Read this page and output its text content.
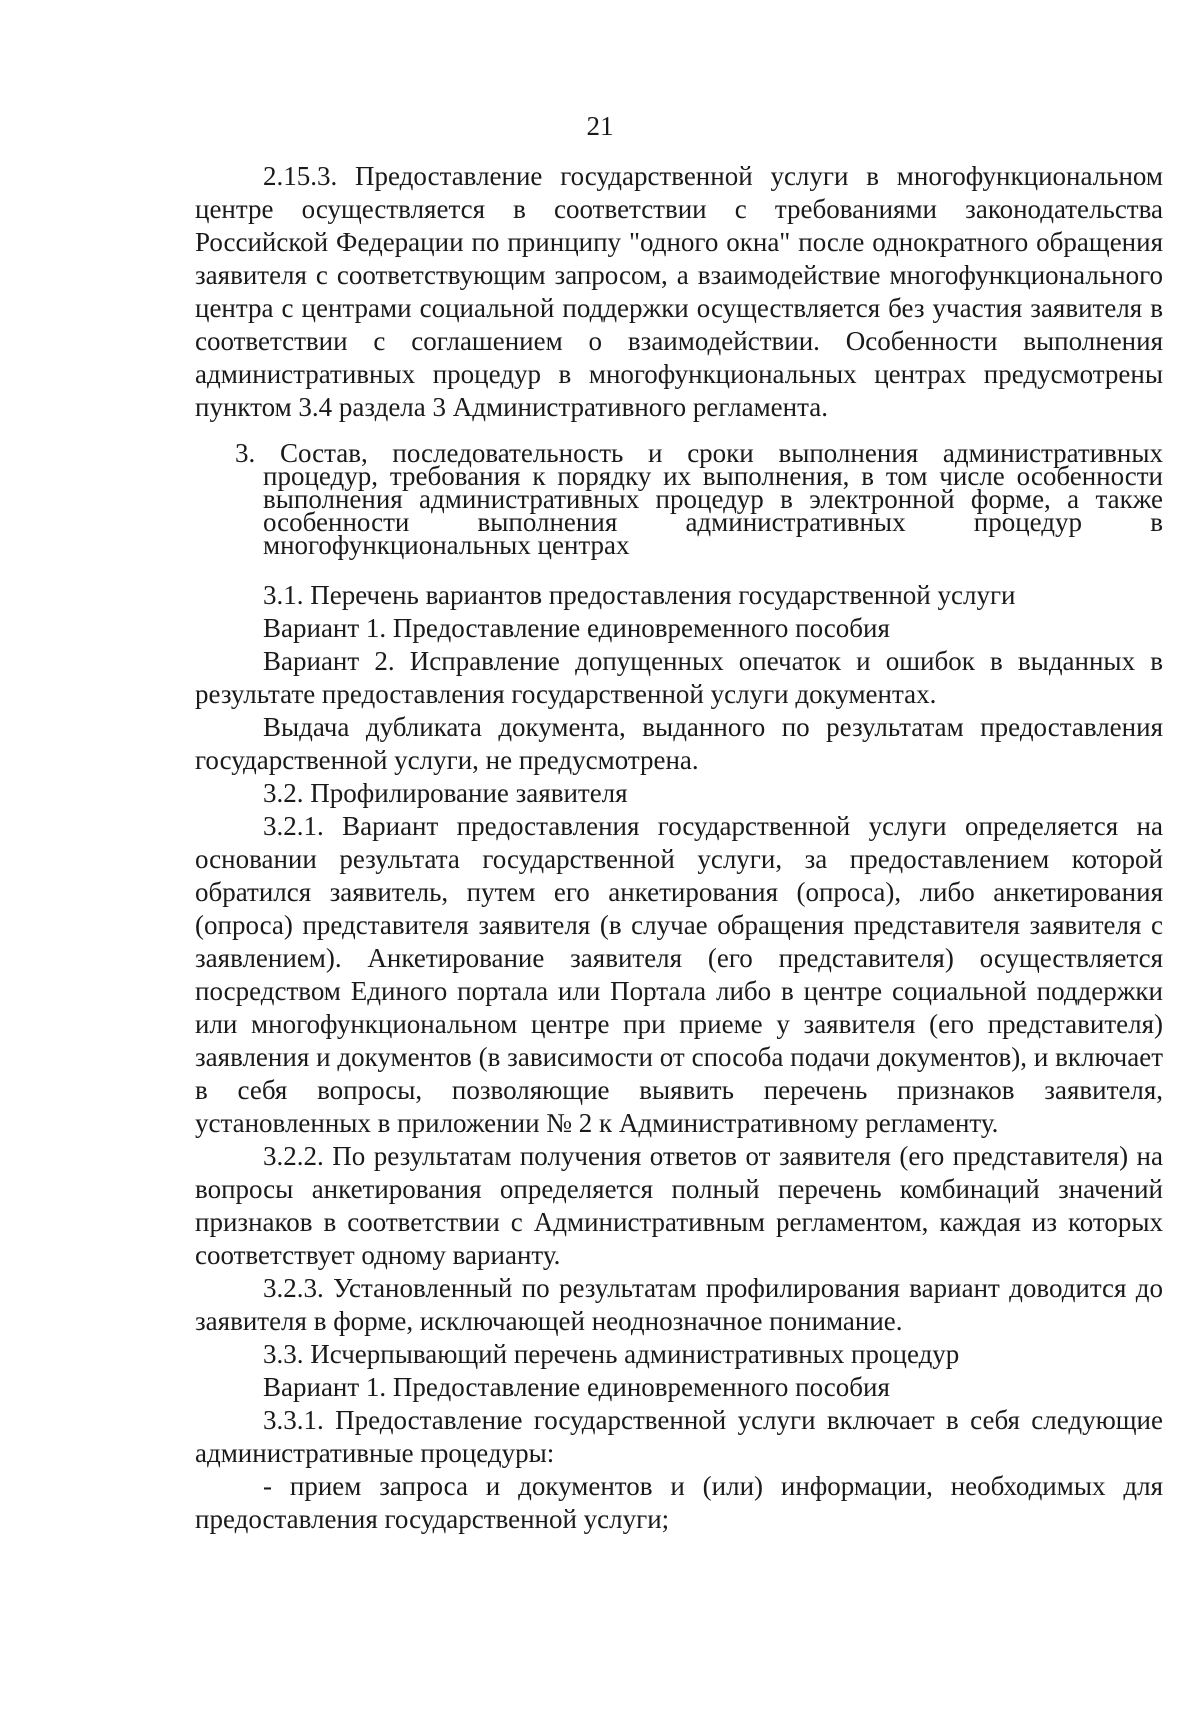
21

2.15.3. Предоставление государственной услуги в многофункциональном центре осуществляется в соответствии с требованиями законодательства Российской Федерации по принципу "одного окна" после однократного обращения заявителя с соответствующим запросом, а взаимодействие многофункционального центра с центрами социальной поддержки осуществляется без участия заявителя в соответствии с соглашением о взаимодействии. Особенности выполнения административных процедур в многофункциональных центрах предусмотрены пунктом 3.4 раздела 3 Административного регламента.

3. Состав, последовательность и сроки выполнения административных процедур, требования к порядку их выполнения, в том числе особенности выполнения административных процедур в электронной форме, а также особенности выполнения административных процедур в многофункциональных центрах

3.1. Перечень вариантов предоставления государственной услуги

Вариант 1. Предоставление единовременного пособия

Вариант 2. Исправление допущенных опечаток и ошибок в выданных в результате предоставления государственной услуги документах.

Выдача дубликата документа, выданного по результатам предоставления государственной услуги, не предусмотрена.

3.2. Профилирование заявителя

3.2.1. Вариант предоставления государственной услуги определяется на основании результата государственной услуги, за предоставлением которой обратился заявитель, путем его анкетирования (опроса), либо анкетирования (опроса) представителя заявителя (в случае обращения представителя заявителя с заявлением). Анкетирование заявителя (его представителя) осуществляется посредством Единого портала или Портала либо в центре социальной поддержки или многофункциональном центре при приеме у заявителя (его представителя) заявления и документов (в зависимости от способа подачи документов), и включает в себя вопросы, позволяющие выявить перечень признаков заявителя, установленных в приложении № 2 к Административному регламенту.

3.2.2. По результатам получения ответов от заявителя (его представителя) на вопросы анкетирования определяется полный перечень комбинаций значений признаков в соответствии с Административным регламентом, каждая из которых соответствует одному варианту.

3.2.3. Установленный по результатам профилирования вариант доводится до заявителя в форме, исключающей неоднозначное понимание.

3.3. Исчерпывающий перечень административных процедур

Вариант 1. Предоставление единовременного пособия

3.3.1. Предоставление государственной услуги включает в себя следующие административные процедуры:

- прием запроса и документов и (или) информации, необходимых для предоставления государственной услуги;
